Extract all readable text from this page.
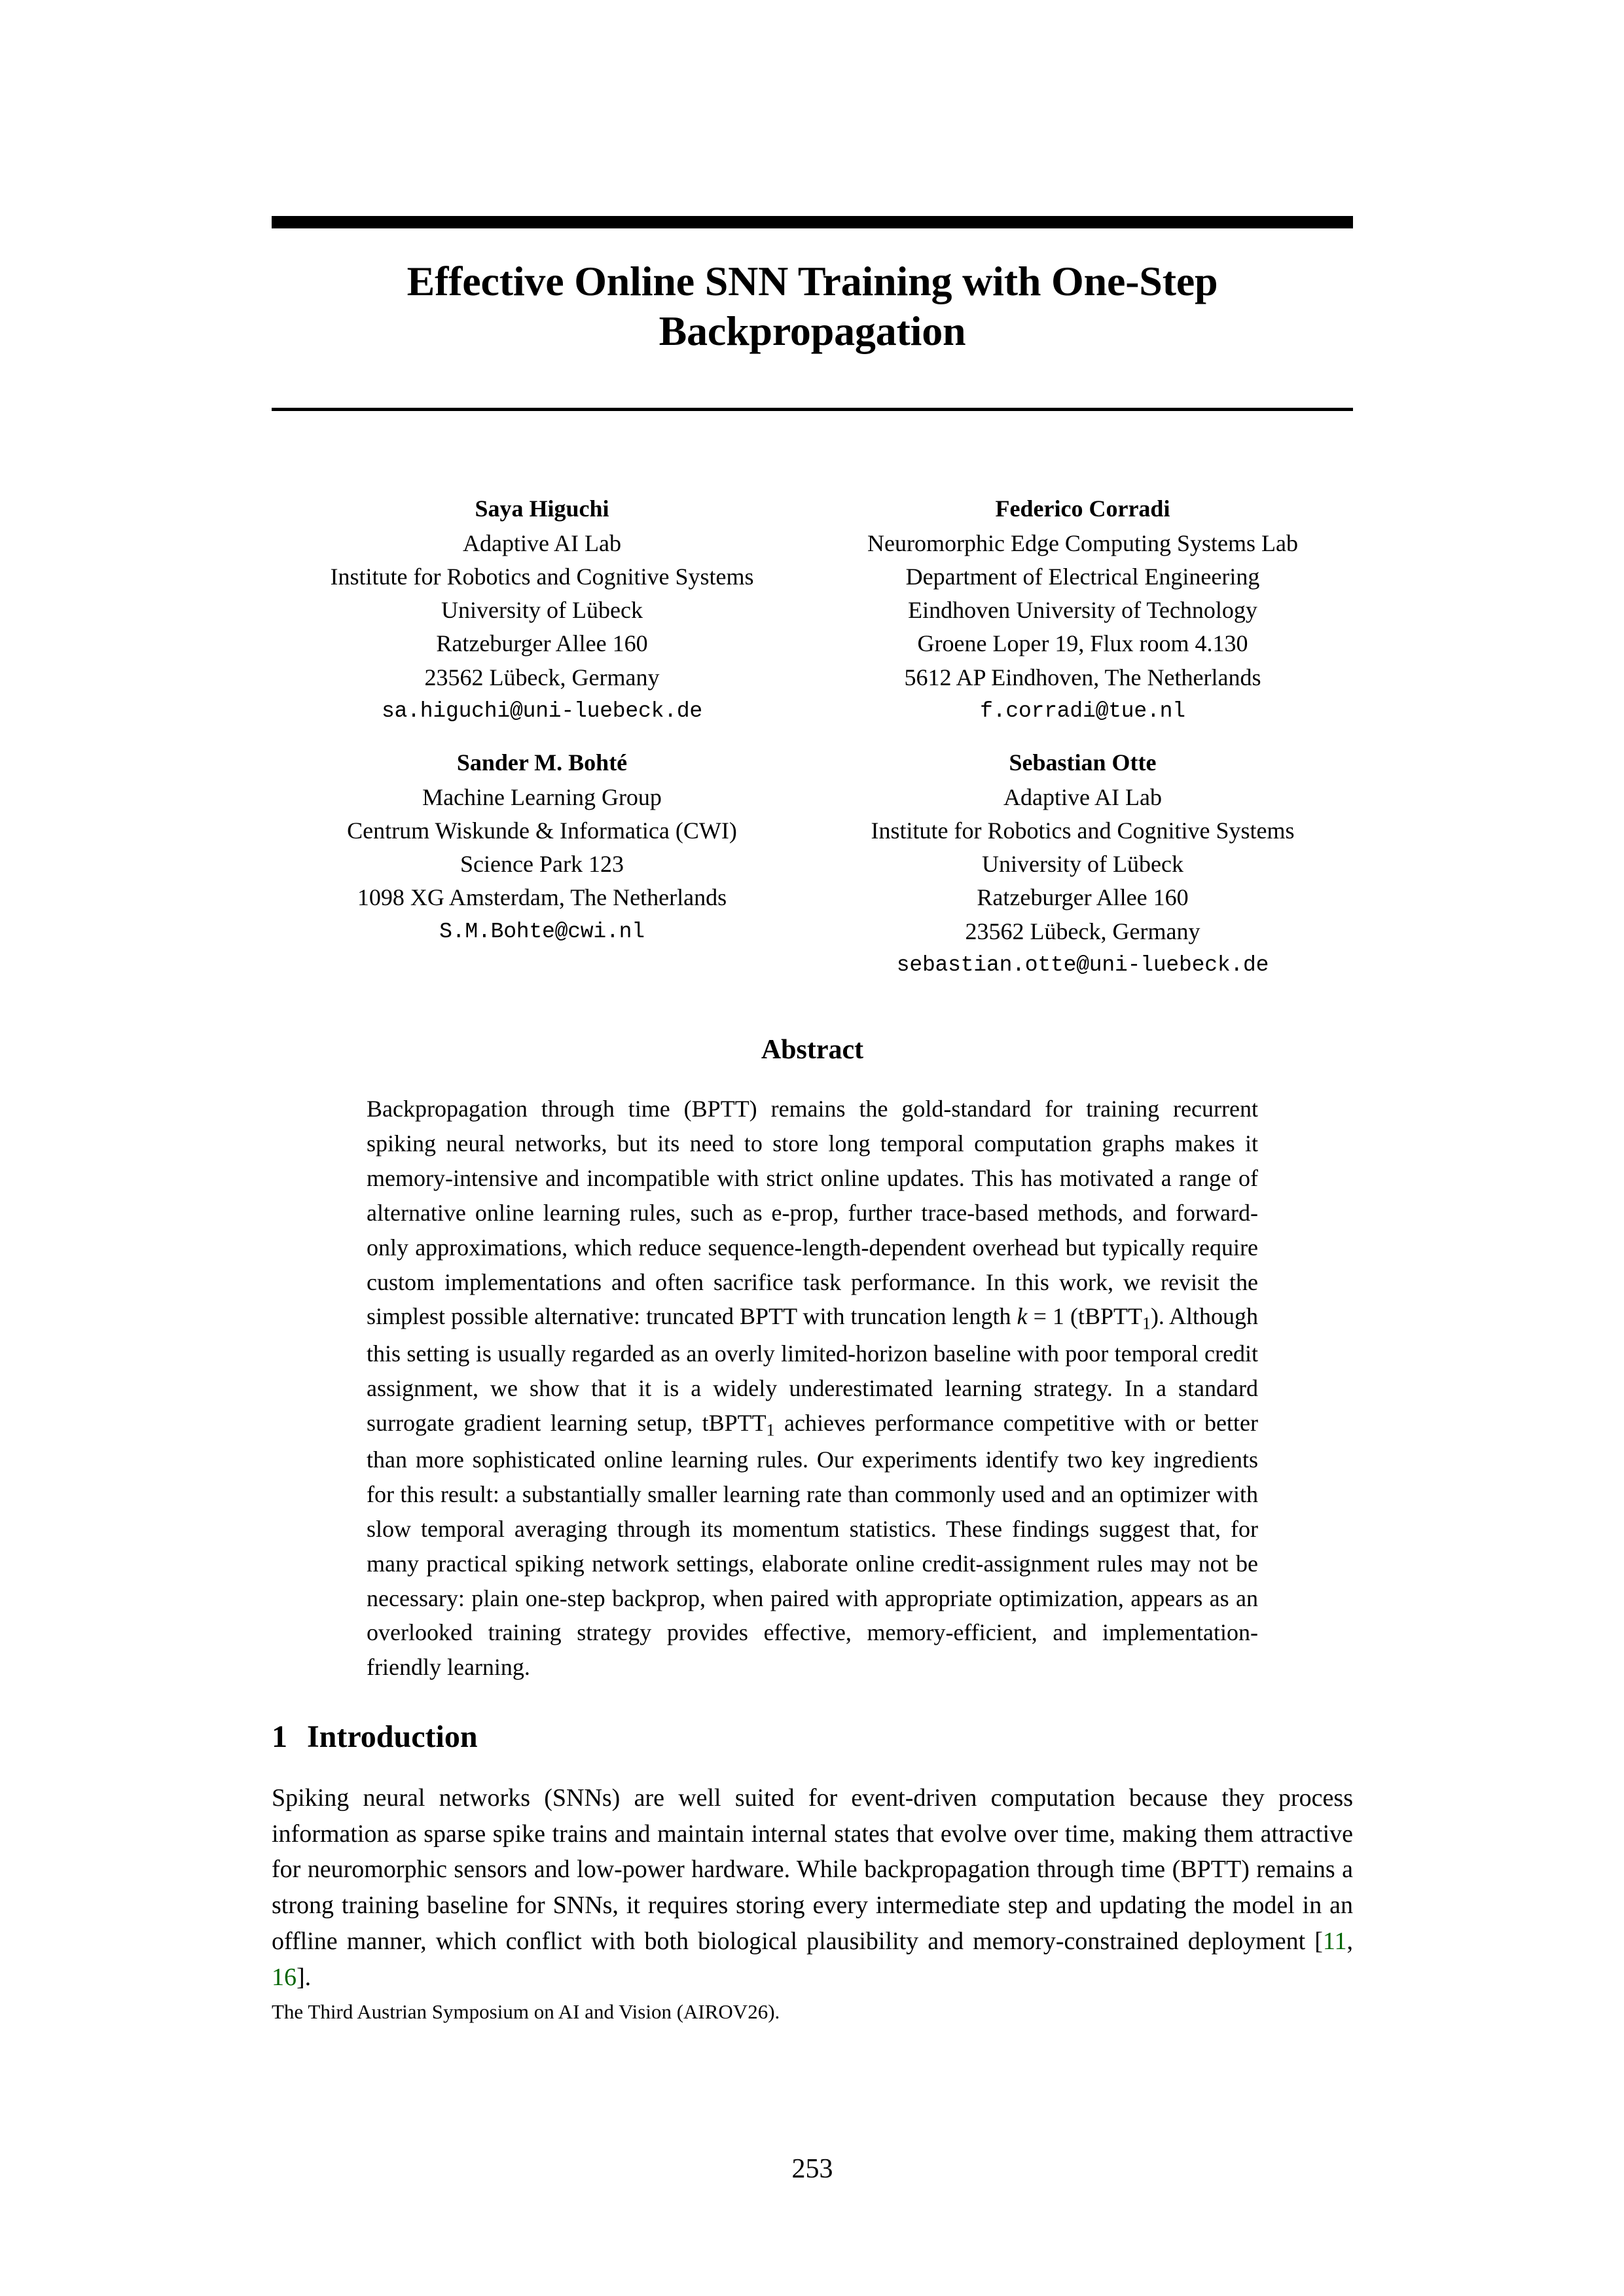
Effective Online SNN Training with One-Step
Backpropagation
Saya Higuchi
Adaptive AI Lab
Institute for Robotics and Cognitive Systems
University of Lübeck
Ratzeburger Allee 160
23562 Lübeck, Germany
sa.higuchi@uni-luebeck.de
Federico Corradi
Neuromorphic Edge Computing Systems Lab
Department of Electrical Engineering
Eindhoven University of Technology
Groene Loper 19, Flux room 4.130
5612 AP Eindhoven, The Netherlands
f.corradi@tue.nl
Sander M. Bohté
Machine Learning Group
Centrum Wiskunde & Informatica (CWI)
Science Park 123
1098 XG Amsterdam, The Netherlands
S.M.Bohte@cwi.nl
Sebastian Otte
Adaptive AI Lab
Institute for Robotics and Cognitive Systems
University of Lübeck
Ratzeburger Allee 160
23562 Lübeck, Germany
sebastian.otte@uni-luebeck.de
Abstract

Backpropagation through time (BPTT) remains the gold-standard for training recurrent spiking neural networks, but its need to store long temporal computation graphs makes it memory-intensive and incompatible with strict online updates. This has motivated a range of alternative online learning rules, such as e-prop, further trace-based methods, and forward-only approximations, which reduce sequence-length-dependent overhead but typically require custom implementations and often sacrifice task performance. In this work, we revisit the simplest possible alternative: truncated BPTT with truncation length k = 1 (tBPTT$_1$). Although this setting is usually regarded as an overly limited-horizon baseline with poor temporal credit assignment, we show that it is a widely underestimated learning strategy. In a standard surrogate gradient learning setup, tBPTT$_1$ achieves performance competitive with or better than more sophisticated online learning rules. Our experiments identify two key ingredients for this result: a substantially smaller learning rate than commonly used and an optimizer with slow temporal averaging through its momentum statistics. These findings suggest that, for many practical spiking network settings, elaborate online credit-assignment rules may not be necessary: plain one-step backprop, when paired with appropriate optimization, appears as an overlooked training strategy provides effective, memory-efficient, and implementation-friendly learning.

1 Introduction

Spiking neural networks (SNNs) are well suited for event-driven computation because they process information as sparse spike trains and maintain internal states that evolve over time, making them attractive for neuromorphic sensors and low-power hardware. While backpropagation through time (BPTT) remains a strong training baseline for SNNs, it requires storing every intermediate step and updating the model in an offline manner, which conflict with both biological plausibility and memory-constrained deployment [11, 16].

The Third Austrian Symposium on AI and Vision (AIROV26).
253
